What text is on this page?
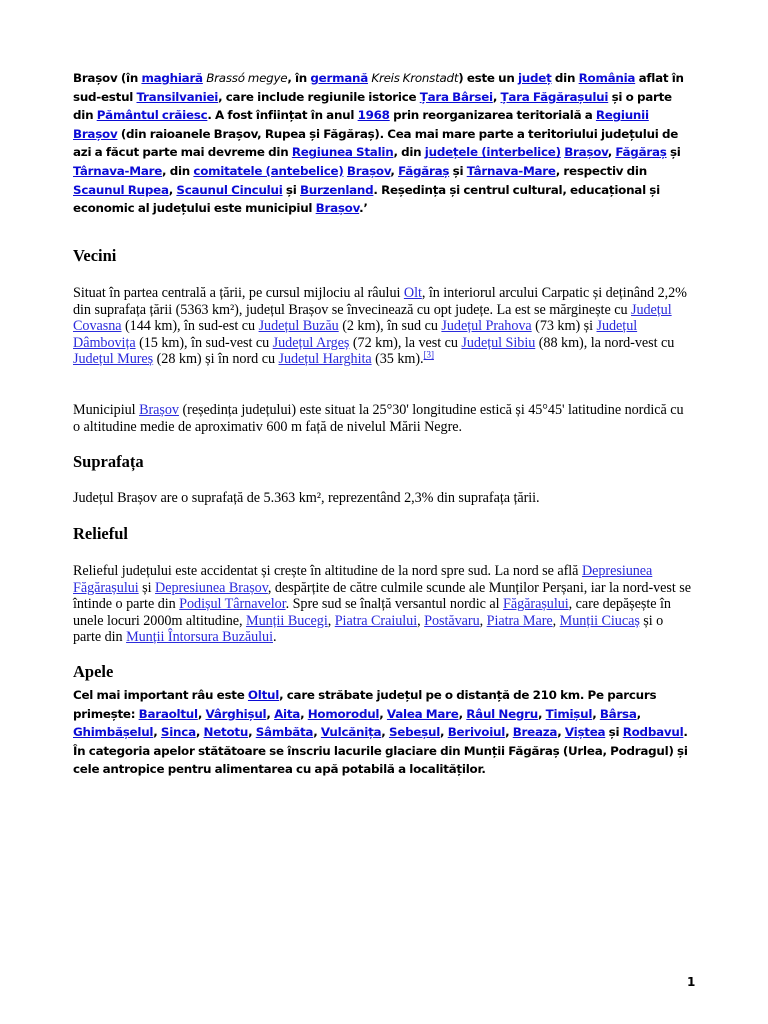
Brașov (în maghiară Brassó megye, în germană Kreis Kronstadt) este un județ din România aflat în sud-estul Transilvaniei, care include regiunile istorice Țara Bârsei, Țara Făgărașului și o parte din Pământul crăiesc. A fost înființat în anul 1968 prin reorganizarea teritorială a Regiunii Brașov (din raioanele Brașov, Rupea și Făgăraș). Cea mai mare parte a teritoriului județului de azi a făcut parte mai devreme din Regiunea Stalin, din județele (interbelice) Brașov, Făgăraș și Târnava-Mare, din comitatele (antebelice) Brașov, Făgăraș și Târnava-Mare, respectiv din Scaunul Rupea, Scaunul Cincului și Burzenland. Reședința și centrul cultural, educațional și economic al județului este municipiul Brașov.’

Vecini

Situat în partea centrală a țării, pe cursul mijlociu al râului Olt, în interiorul arcului Carpatic și deținând 2,2% din suprafața țării (5363 km²), județul Brașov se învecinează cu opt județe. La est se mărginește cu Județul Covasna (144 km), în sud-est cu Județul Buzău (2 km), în sud cu Județul Prahova (73 km) și Județul Dâmbovița (15 km), în sud-vest cu Județul Argeș (72 km), la vest cu Județul Sibiu (88 km), la nord-vest cu Județul Mureș (28 km) și în nord cu Județul Harghita (35 km).[3]

Municipiul Brașov (reședința județului) este situat la 25°30' longitudine estică și 45°45' latitudine nordică cu o altitudine medie de aproximativ 600 m față de nivelul Mării Negre.

Suprafața

Județul Brașov are o suprafață de 5.363 km², reprezentând 2,3% din suprafața țării.

Relieful

Relieful județului este accidentat și crește în altitudine de la nord spre sud. La nord se află Depresiunea Făgărașului și Depresiunea Brașov, despărțite de către culmile scunde ale Munților Perșani, iar la nord-vest se întinde o parte din Podișul Târnavelor. Spre sud se înalță versantul nordic al Făgărașului, care depășește în unele locuri 2000m altitudine, Munții Bucegi, Piatra Craiului, Postăvaru, Piatra Mare, Munții Ciucaș și o parte din Munții Întorsura Buzăului.

Apele

Cel mai important râu este Oltul, care străbate județul pe o distanță de 210 km. Pe parcurs primește: Baraoltul, Vârghișul, Aita, Homorodul, Valea Mare, Râul Negru, Timișul, Bârsa, Ghimbășelul, Sinca, Netotu, Sâmbăta, Vulcănița, Sebeșul, Berivoiul, Breaza, Viștea și Rodbavul. În categoria apelor stătătoare se înscriu lacurile glaciare din Munții Făgăraș (Urlea, Podragul) și cele antropice pentru alimentarea cu apă potabilă a localităților.

1
